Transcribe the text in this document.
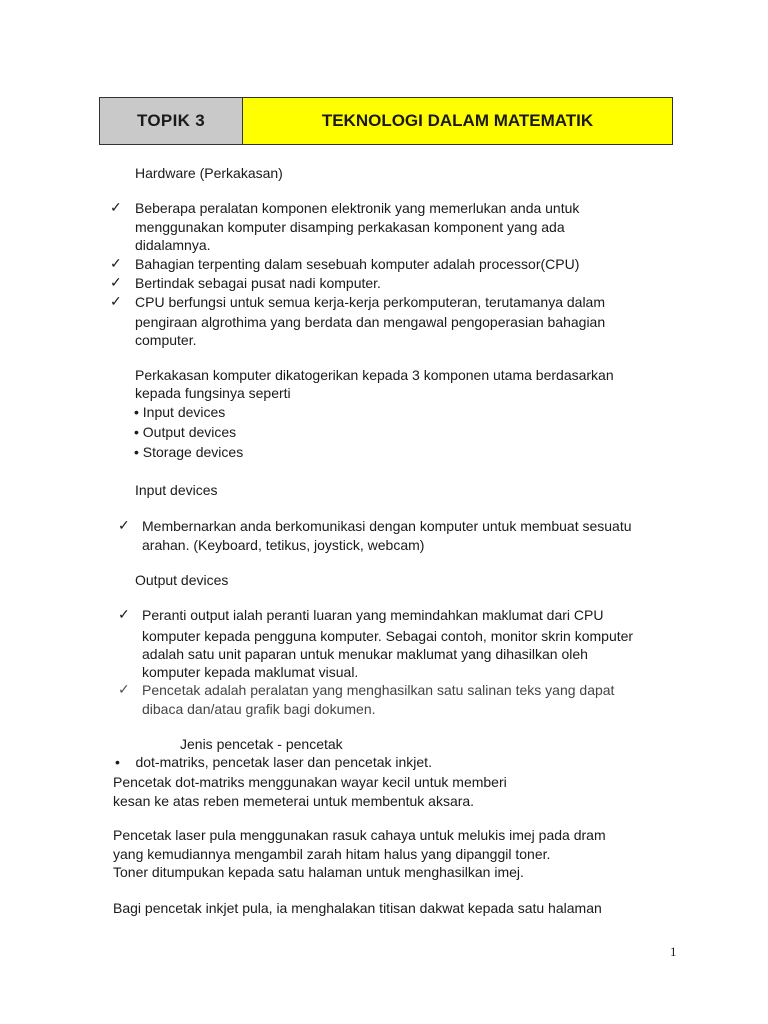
TOPIK 3	TEKNOLOGI DALAM MATEMATIK
Hardware (Perkakasan)
✓ Beberapa peralatan komponen elektronik yang memerlukan anda untuk
menggunakan komputer disamping perkakasan komponent yang ada
didalamnya.
✓ Bahagian terpenting dalam sesebuah komputer adalah processor(CPU)
✓ Bertindak sebagai pusat nadi komputer.
✓ CPU berfungsi untuk semua kerja-kerja perkomputeran, terutamanya dalam
pengiraan algrothima yang berdata dan mengawal pengoperasian bahagian
computer.
Perkakasan komputer dikatogerikan kepada 3 komponen utama berdasarkan
kepada fungsinya seperti
• Input devices
• Output devices
• Storage devices
Input devices
✓ Membernarkan anda berkomunikasi dengan komputer untuk membuat sesuatu
arahan. (Keyboard, tetikus, joystick, webcam)
Output devices
✓ Peranti output ialah peranti luaran yang memindahkan maklumat dari CPU
komputer kepada pengguna komputer. Sebagai contoh, monitor skrin komputer
adalah satu unit paparan untuk menukar maklumat yang dihasilkan oleh
komputer kepada maklumat visual.
✓ Pencetak adalah peralatan yang menghasilkan satu salinan teks yang dapat
dibaca dan/atau grafik bagi dokumen.
Jenis pencetak - pencetak
• dot-matriks, pencetak laser dan pencetak inkjet.
Pencetak dot-matriks menggunakan wayar kecil untuk memberi
kesan ke atas reben memeterai untuk membentuk aksara.
Pencetak laser pula menggunakan rasuk cahaya untuk melukis imej pada dram
yang kemudiannya mengambil zarah hitam halus yang dipanggil toner.
Toner ditumpukan kepada satu halaman untuk menghasilkan imej.
Bagi pencetak inkjet pula, ia menghalakan titisan dakwat kepada satu halaman
1
